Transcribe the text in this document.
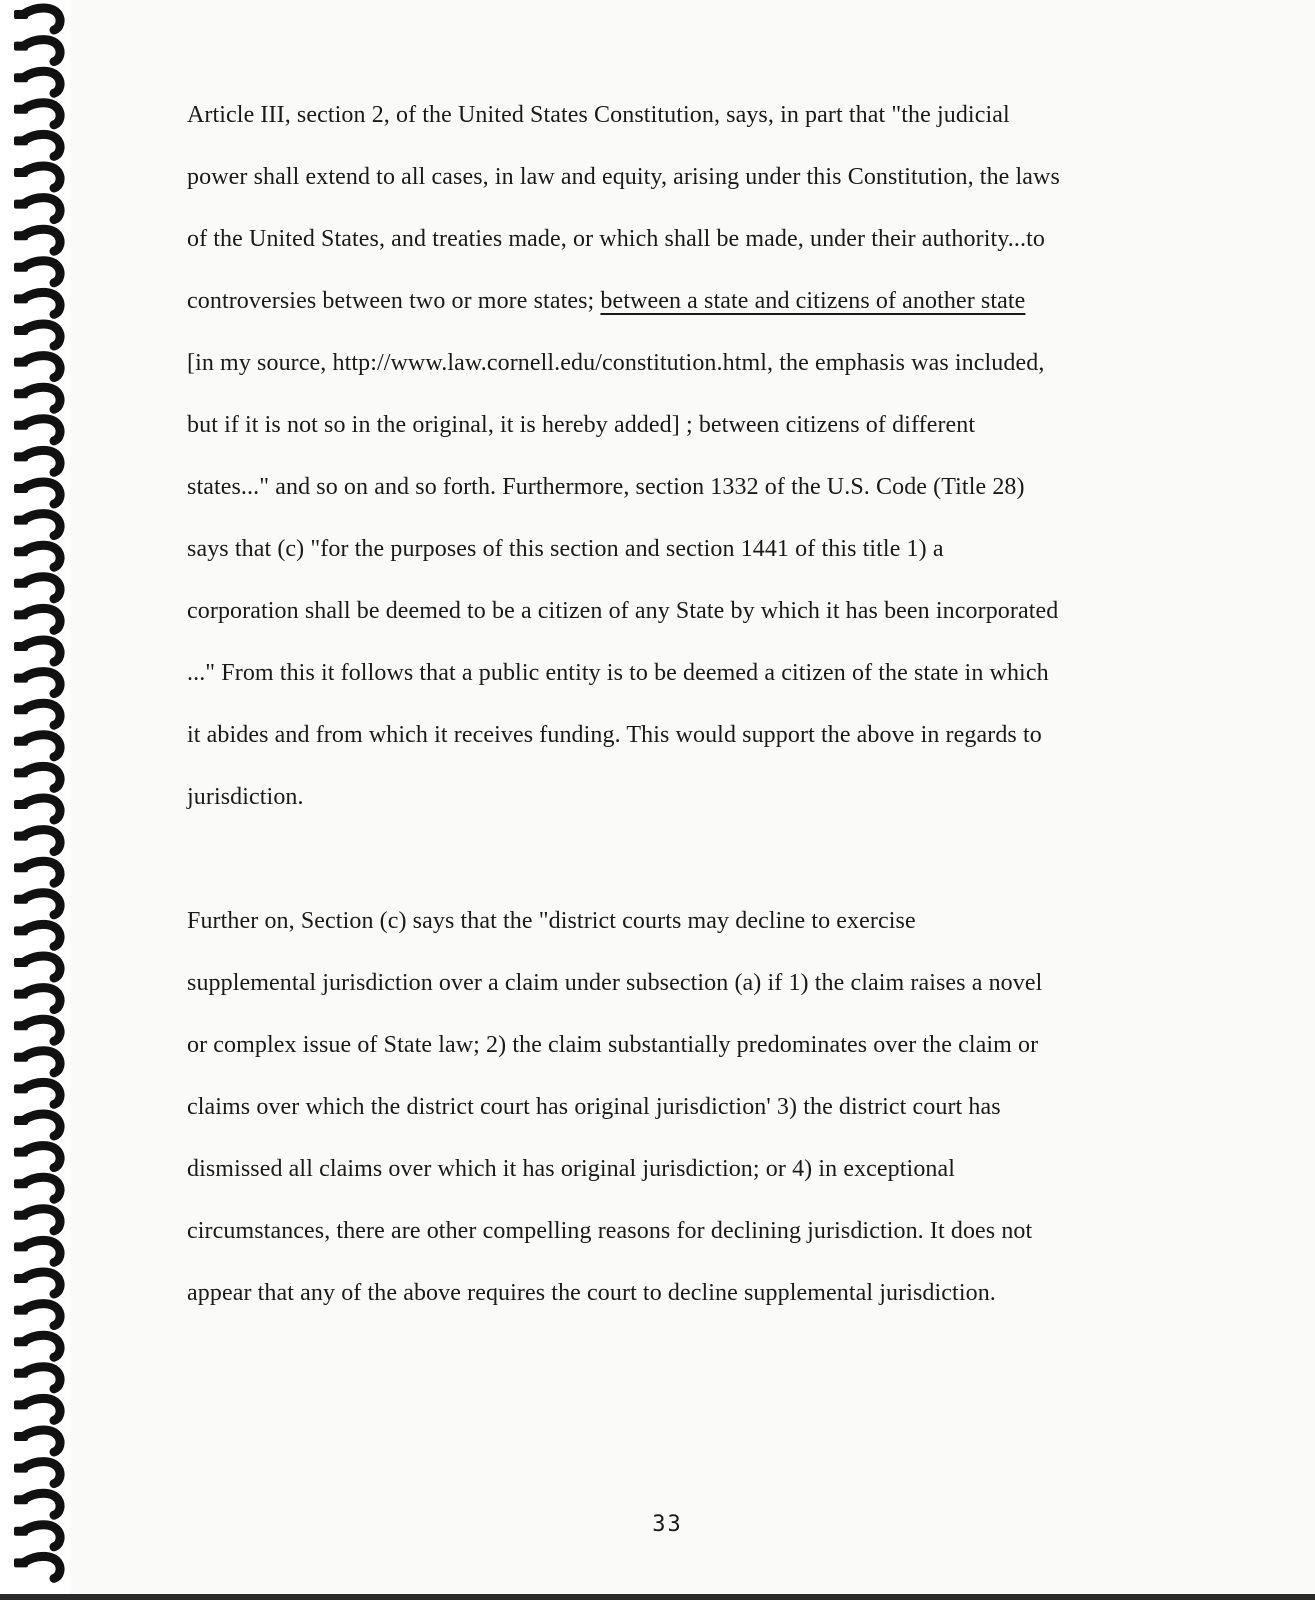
Article III, section 2, of the United States Constitution, says, in part that "the judicial
power shall extend to all cases, in law and equity, arising under this Constitution, the laws
of the United States, and treaties made, or which shall be made, under their authority...to
controversies between two or more states; between a state and citizens of another state
[in my source, http://www.law.cornell.edu/constitution.html, the emphasis was included,
but if it is not so in the original, it is hereby added] ; between citizens of different
states..." and so on and so forth. Furthermore, section 1332 of the U.S. Code (Title 28)
says that (c) "for the purposes of this section and section 1441 of this title 1) a
corporation shall be deemed to be a citizen of any State by which it has been incorporated
..." From this it follows that a public entity is to be deemed a citizen of the state in which
it abides and from which it receives funding. This would support the above in regards to
jurisdiction.
Further on, Section (c) says that the "district courts may decline to exercise
supplemental jurisdiction over a claim under subsection (a) if 1) the claim raises a novel
or complex issue of State law; 2) the claim substantially predominates over the claim or
claims over which the district court has original jurisdiction' 3) the district court has
dismissed all claims over which it has original jurisdiction; or 4) in exceptional
circumstances, there are other compelling reasons for declining jurisdiction. It does not
appear that any of the above requires the court to decline supplemental jurisdiction.
33
